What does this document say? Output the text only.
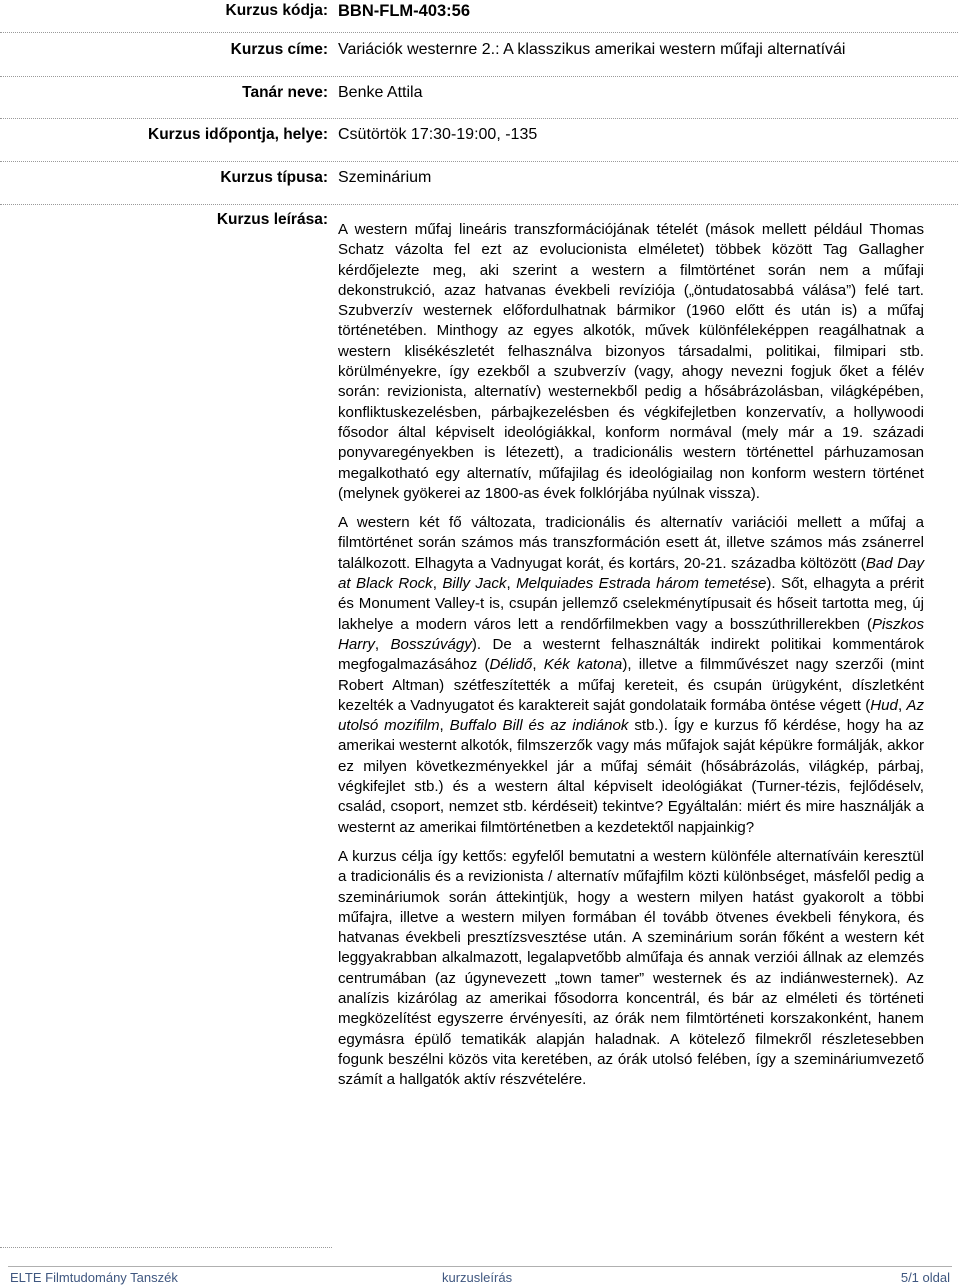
Kurzus kódja: BBN-FLM-403:56
Kurzus címe: Variációk westernre 2.: A klasszikus amerikai western műfaji alternatívái
Tanár neve: Benke Attila
Kurzus időpontja, helye: Csütörtök 17:30-19:00, -135
Kurzus típusa: Szeminárium
Kurzus leírása:

A western műfaj lineáris transzformációjának tételét (mások mellett például Thomas Schatz vázolta fel ezt az evolucionista elméletet) többek között Tag Gallagher kérdőjelezte meg, aki szerint a western a filmtörténet során nem a műfaji dekonstrukció, azaz hatvanas évekbeli revíziója („öntudatosabbá válása”) felé tart. Szubverzív westernek előfordulhatnak bármikor (1960 előtt és után is) a műfaj történetében. Minthogy az egyes alkotók, művek különféleképpen reagálhatnak a western klisékészletét felhasználva bizonyos társadalmi, politikai, filmipari stb. körülményekre, így ezekből a szubverzív (vagy, ahogy nevezni fogjuk őket a félév során: revizionista, alternatív) westernekből pedig a hősábrázolásban, világképében, konfliktuskezelésben, párbajkezelésben és végkifejletben konzervatív, a hollywoodi fősodor által képviselt ideológiákkal, konform normával (mely már a 19. századi ponyvaregényekben is létezett), a tradicionális western történettel párhuzamosan megalkotható egy alternatív, műfajilag és ideológiailag non konform western történet (melynek gyökerei az 1800-as évek folklórjába nyúlnak vissza).

A western két fő változata, tradicionális és alternatív variációi mellett a műfaj a filmtörténet során számos más transzformáción esett át, illetve számos más zsánerrel találkozott. Elhagyta a Vadnyugat korát, és kortárs, 20-21. századba költözött (Bad Day at Black Rock, Billy Jack, Melquiades Estrada három temetése). Sőt, elhagyta a prérit és Monument Valley-t is, csupán jellemző cselekménytípusait és hőseit tartotta meg, új lakhelye a modern város lett a rendőrfilmekben vagy a bosszúthrillerekben (Piszkos Harry, Bosszúvágy). De a westernt felhasználták indirekt politikai kommentárok megfogalmazásához (Délidő, Kék katona), illetve a filmművészet nagy szerzői (mint Robert Altman) szétfeszítették a műfaj kereteit, és csupán ürügyként, díszletként kezelték a Vadnyugatot és karaktereit saját gondolataik formába öntése végett (Hud, Az utolsó mozifilm, Buffalo Bill és az indiánok stb.). Így e kurzus fő kérdése, hogy ha az amerikai westernt alkotók, filmszerzők vagy más műfajok saját képükre formálják, akkor ez milyen következményekkel jár a műfaj sémáit (hősábrázolás, világkép, párbaj, végkifejlet stb.) és a western által képviselt ideológiákat (Turner-tézis, fejlődéselv, család, csoport, nemzet stb. kérdéseit) tekintve? Egyáltalán: miért és mire használják a westernt az amerikai filmtörténetben a kezdetektől napjainkig?

A kurzus célja így kettős: egyfelől bemutatni a western különféle alternatíváin keresztül a tradicionális és a revizionista / alternatív műfajfilm közti különbséget, másfelől pedig a szemináriumok során áttekintjük, hogy a western milyen hatást gyakorolt a többi műfajra, illetve a western milyen formában él tovább ötvenes évekbeli fénykora, és hatvanas évekbeli presztízsvesztése után. A szeminárium során főként a western két leggyakrabban alkalmazott, legalapvetőbb alműfaja és annak verziói állnak az elemzés centrumában (az úgynevezett „town tamer” westernek és az indiánwesternek). Az analízis kizárólag az amerikai fősodorra koncentrál, és bár az elméleti és történeti megközelítést egyszerre érvényesíti, az órák nem filmtörténeti korszakonként, hanem egymásra épülő tematikák alapján haladnak. A kötelező filmekről részletesebben fogunk beszélni közös vita keretében, az órák utolsó felében, így a szemináriumvezető számít a hallgatók aktív részvételére.

ELTE Filmtudomány Tanszék	kurzusleírás	5/1 oldal
